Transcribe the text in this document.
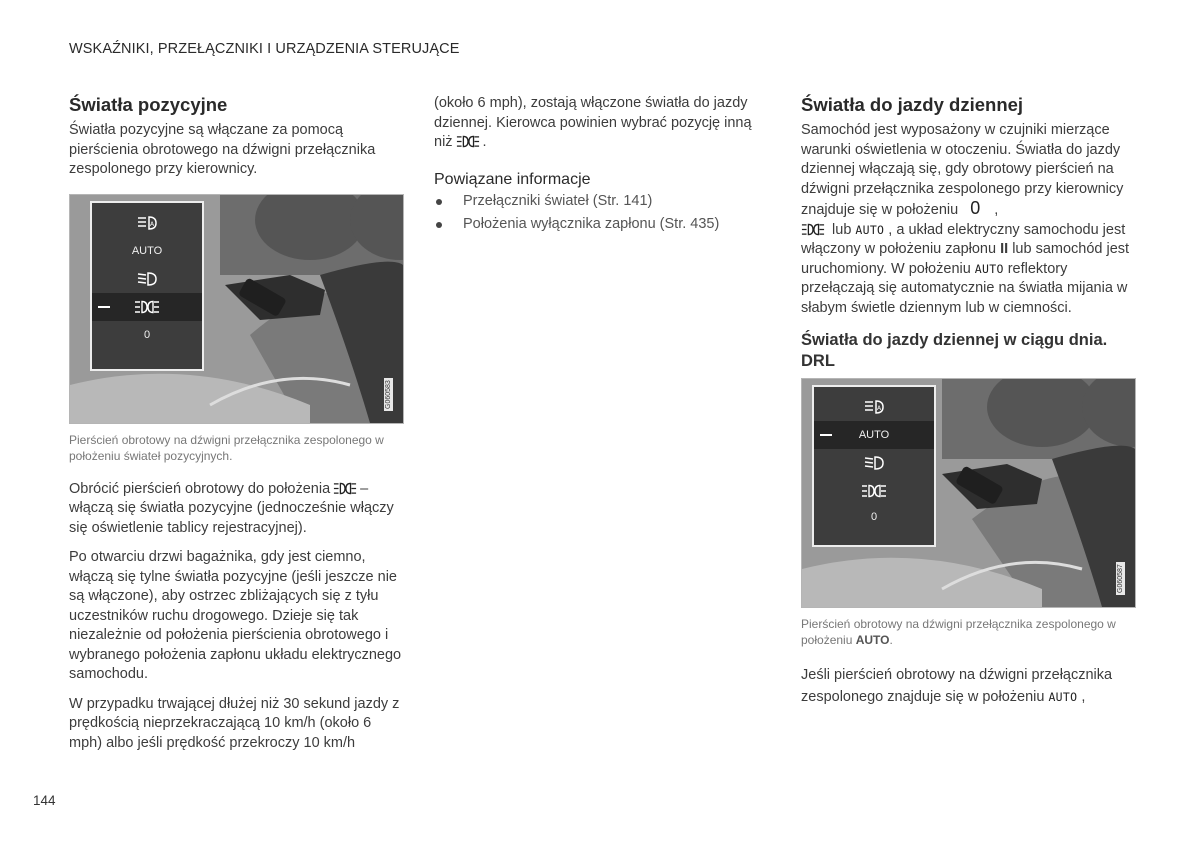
WSKAŹNIKI, PRZEŁĄCZNIKI I URZĄDZENIA STERUJĄCE
Światła pozycyjne

Światła pozycyjne są włączane za pomocą pierścienia obrotowego na dźwigni przełącznika zespolonego przy kierownicy.

G060583
A
AUTO
0
Pierścień obrotowy na dźwigni przełącznika zespolonego w położeniu świateł pozycyjnych.

Obrócić pierścień obrotowy do położenia – włączą się światła pozycyjne (jednocześnie włączy się oświetlenie tablicy rejestracyjnej).

Po otwarciu drzwi bagażnika, gdy jest ciemno, włączą się tylne światła pozycyjne (jeśli jeszcze nie są włączone), aby ostrzec zbliżających się z tyłu uczestników ruchu drogowego. Dzieje się tak niezależnie od położenia pierścienia obrotowego i wybranego położenia zapłonu układu elektrycznego samochodu.

W przypadku trwającej dłużej niż 30 sekund jazdy z prędkością nieprzekraczającą 10 km/h (około 6 mph) albo jeśli prędkość przekroczy 10 km/h

(około 6 mph), zostają włączone światła do jazdy dziennej. Kierowca powinien wybrać pozycję inną niż .

Powiązane informacje
Przełączniki świateł (Str. 141)
Położenia wyłącznika zapłonu (Str. 435)
Światła do jazdy dziennej

Samochód jest wyposażony w czujniki mierzące warunki oświetlenia w otoczeniu. Światła do jazdy dziennej włączają się, gdy obrotowy pierścień na dźwigni przełącznika zespolonego przy kierownicy znajduje się w położeniu 0 ,
lub AUTO , a układ elektryczny samochodu jest włączony w położeniu zapłonu II lub samochód jest uruchomiony. W położeniu AUTO reflektory przełączają się automatycznie na światła mijania w słabym świetle dziennym lub w ciemności.

Światła do jazdy dziennej w ciągu dnia. DRL
G060587
A
AUTO
0
Pierścień obrotowy na dźwigni przełącznika zespolonego w położeniu AUTO.

Jeśli pierścień obrotowy na dźwigni przełącznika zespolonego znajduje się w położeniu AUTO ,

144
